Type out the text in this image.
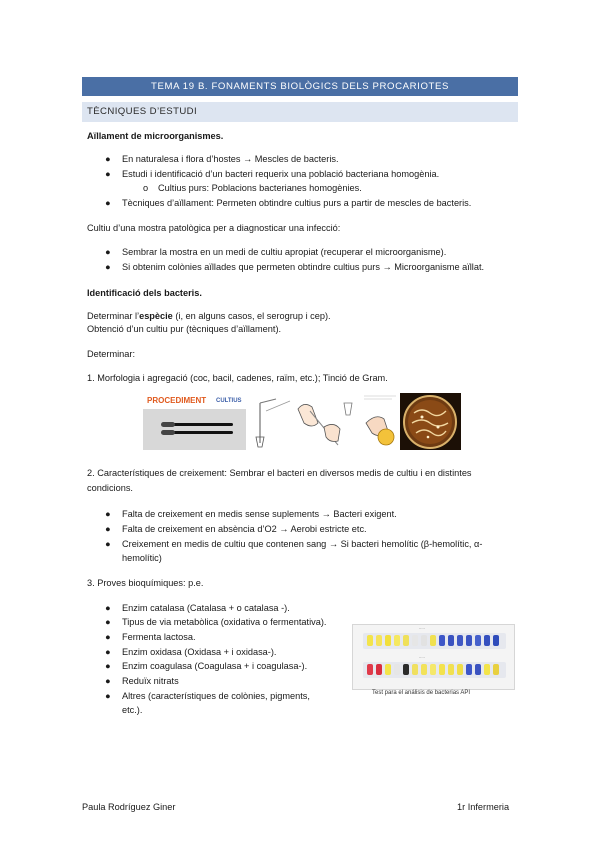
TEMA 19 B. FONAMENTS BIOLÒGICS DELS PROCARIOTES
TÈCNIQUES D’ESTUDI
Aïllament de microorganismes.
● En naturalesa i flora d’hostes → Mescles de bacteris.
● Estudi i identificació d’un bacteri requerix una població bacteriana homogènia.
o Cultius purs: Poblacions bacterianes homogènies.
● Tècniques d’aïllament: Permeten obtindre cultius purs a partir de mescles de bacteris.
Cultiu d’una mostra patològica per a diagnosticar una infecció:
● Sembrar la mostra en un medi de cultiu apropiat (recuperar el microorganisme).
● Si obtenim colònies aïllades que permeten obtindre cultius purs → Microorganisme aïllat.
Identificació dels bacteris.
Determinar l’espècie (i, en alguns casos, el serogrup i cep).
Obtenció d’un cultiu pur (tècniques d’aïllament).
Determinar:
1. Morfologia i agregació (coc, bacil, cadenes, raïm, etc.); Tinció de Gram.
PROCEDIMENT CULTIUS
2. Característiques de creixement: Sembrar el bacteri en diversos medis de cultiu i en distintes
condicions.
● Falta de creixement en medis sense suplements → Bacteri exigent.
● Falta de creixement en absència d’O2 → Aerobi estricte etc.
● Creixement en medis de cultiu que contenen sang → Si bacteri hemolític (β-hemolític, α-
hemolític)
3. Proves bioquímiques: p.e.
● Enzim catalasa (Catalasa + o catalasa -).
● Tipus de via metabòlica (oxidativa o fermentativa).
● Fermenta lactosa.
● Enzim oxidasa (Oxidasa + i oxidasa-).
● Enzim coagulasa (Coagulasa + i coagulasa-).
● Reduïx nitrats
● Altres (característiques de colònies, pigments,
etc.).
·····
·····
Test para el análisis de bacterias API
Paula Rodríguez Giner	1r Infermeria
